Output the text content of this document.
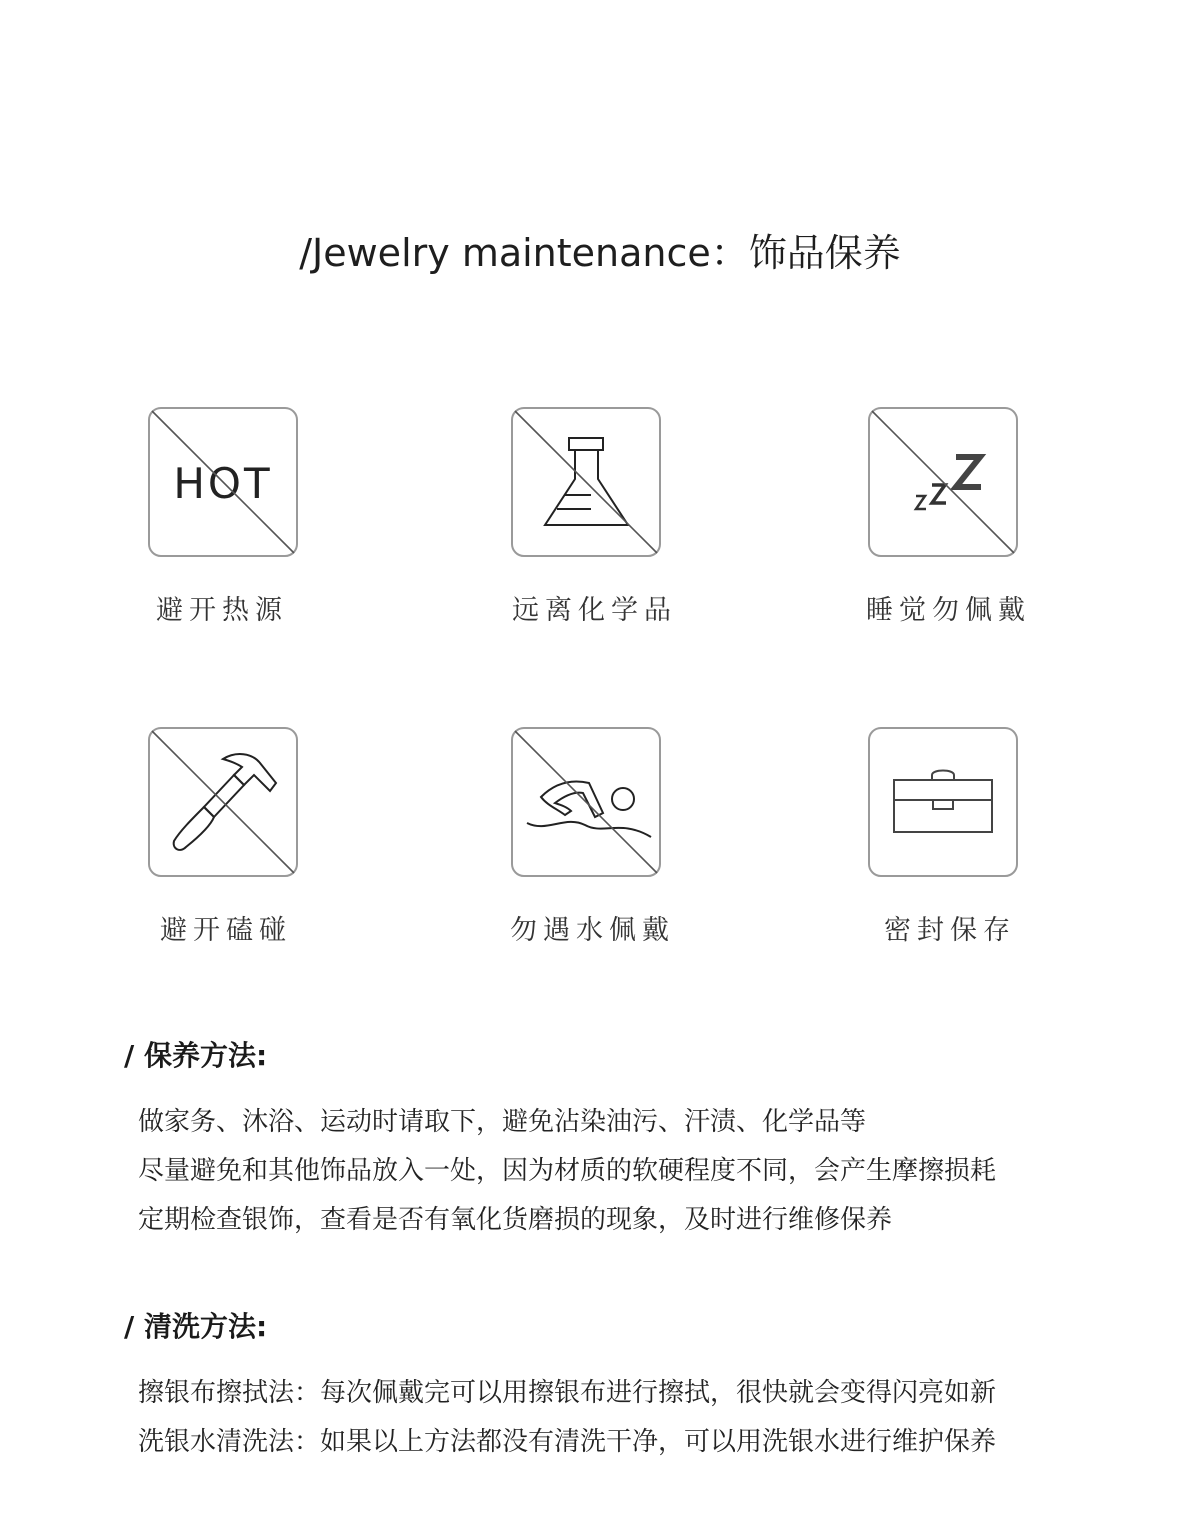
/Jewelry maintenance：饰品保养
HOT
避开热源	远离化学品	睡觉勿佩戴
避开磕碰	勿遇水佩戴	密封保存
/ 保养方法:
做家务、沐浴、运动时请取下，避免沾染油污、汗渍、化学品等
尽量避免和其他饰品放入一处，因为材质的软硬程度不同，会产生摩擦损耗
定期检查银饰，查看是否有氧化货磨损的现象，及时进行维修保养
/ 清洗方法:
擦银布擦拭法：每次佩戴完可以用擦银布进行擦拭，很快就会变得闪亮如新
洗银水清洗法：如果以上方法都没有清洗干净，可以用洗银水进行维护保养
